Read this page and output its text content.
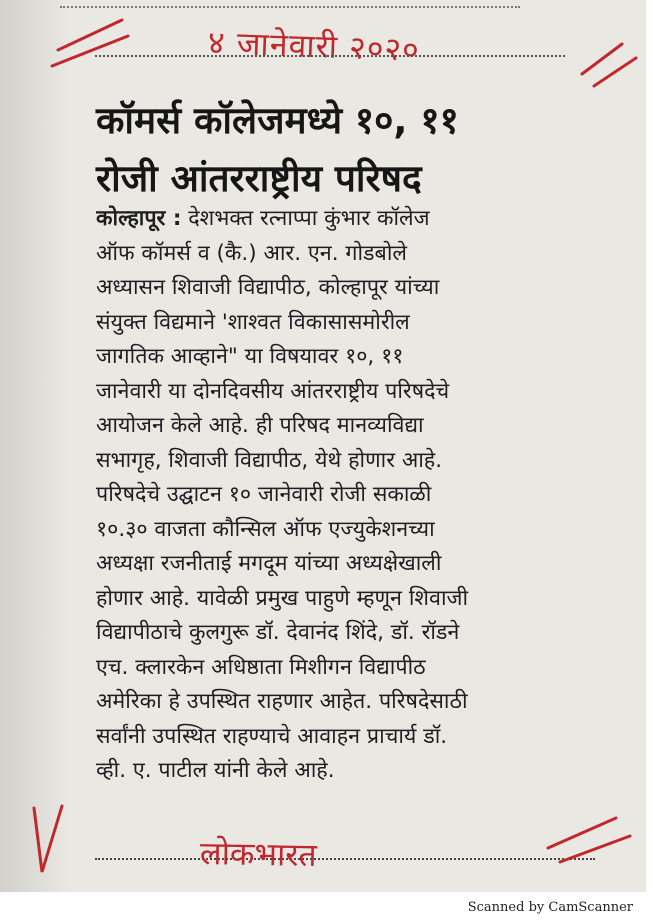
४ जानेवारी २०२०
कॉमर्स कॉलेजमध्ये १०, ११
रोजी आंतरराष्ट्रीय परिषद
कोल्हापूर : देशभक्त रत्नाप्पा कुंभार कॉलेज
ऑफ कॉमर्स व (कै.) आर. एन. गोडबोले
अध्यासन शिवाजी विद्यापीठ, कोल्हापूर यांच्या
संयुक्त विद्यमाने 'शाश्वत विकासासमोरील
जागतिक आव्हाने" या विषयावर १०, ११
जानेवारी या दोनदिवसीय आंतरराष्ट्रीय परिषदेचे
आयोजन केले आहे. ही परिषद मानव्यविद्या
सभागृह, शिवाजी विद्यापीठ, येथे होणार आहे.
परिषदेचे उद्घाटन १० जानेवारी रोजी सकाळी
१०.३० वाजता कौन्सिल ऑफ एज्युकेशनच्या
अध्यक्षा रजनीताई मगदूम यांच्या अध्यक्षेखाली
होणार आहे. यावेळी प्रमुख पाहुणे म्हणून शिवाजी
विद्यापीठाचे कुलगुरू डॉ. देवानंद शिंदे, डॉ. रॉडने
एच. क्लारकेन अधिष्ठाता मिशीगन विद्यापीठ
अमेरिका हे उपस्थित राहणार आहेत. परिषदेसाठी
सर्वांनी उपस्थित राहण्याचे आवाहन प्राचार्य डॉ.
व्ही. ए. पाटील यांनी केले आहे.
लोकभारत
Scanned by CamScanner
